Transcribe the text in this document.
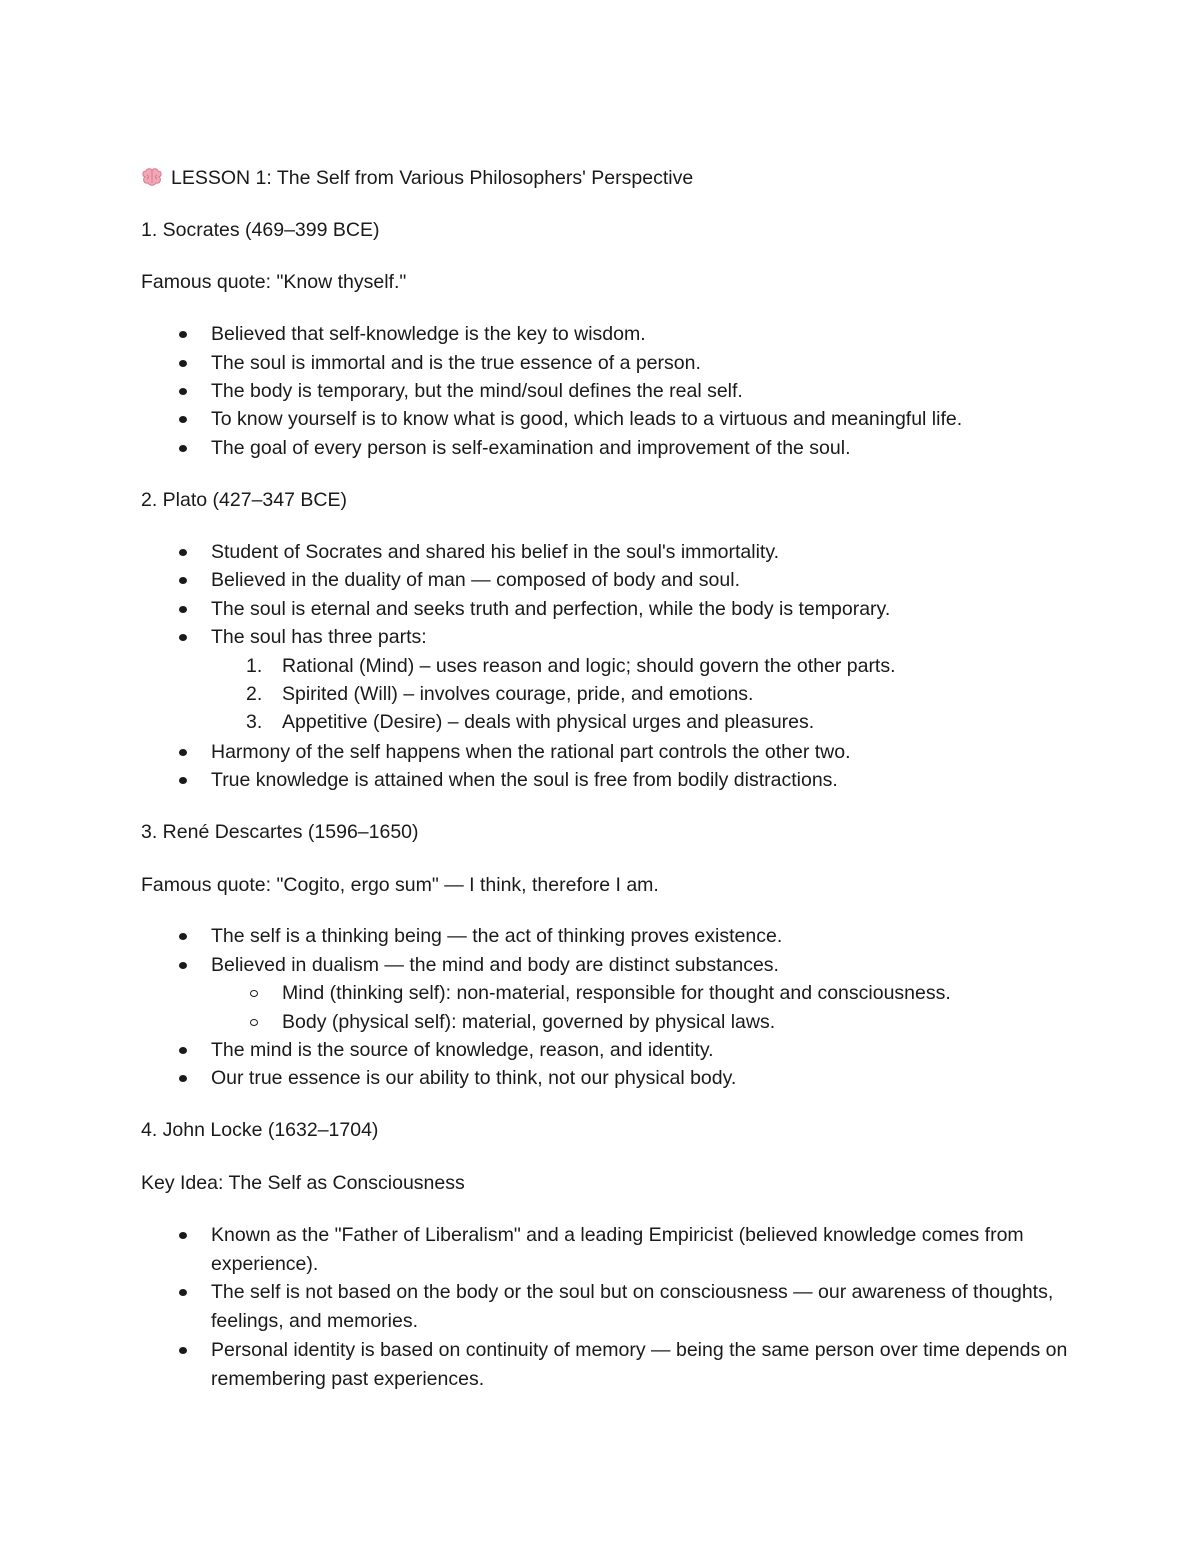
LESSON 1: The Self from Various Philosophers' Perspective
1. Socrates (469–399 BCE)
Famous quote: "Know thyself."
Believed that self-knowledge is the key to wisdom.
The soul is immortal and is the true essence of a person.
The body is temporary, but the mind/soul defines the real self.
To know yourself is to know what is good, which leads to a virtuous and meaningful life.
The goal of every person is self-examination and improvement of the soul.
2. Plato (427–347 BCE)
Student of Socrates and shared his belief in the soul's immortality.
Believed in the duality of man — composed of body and soul.
The soul is eternal and seeks truth and perfection, while the body is temporary.
The soul has three parts:
1.	Rational (Mind) – uses reason and logic; should govern the other parts.
2.	Spirited (Will) – involves courage, pride, and emotions.
3.	Appetitive (Desire) – deals with physical urges and pleasures.
Harmony of the self happens when the rational part controls the other two.
True knowledge is attained when the soul is free from bodily distractions.
3. René Descartes (1596–1650)
Famous quote: "Cogito, ergo sum" — I think, therefore I am.
The self is a thinking being — the act of thinking proves existence.
Believed in dualism — the mind and body are distinct substances.
Mind (thinking self): non-material, responsible for thought and consciousness.
Body (physical self): material, governed by physical laws.
The mind is the source of knowledge, reason, and identity.
Our true essence is our ability to think, not our physical body.
4. John Locke (1632–1704)
Key Idea: The Self as Consciousness
Known as the "Father of Liberalism" and a leading Empiricist (believed knowledge comes from experience).
The self is not based on the body or the soul but on consciousness — our awareness of thoughts, feelings, and memories.
Personal identity is based on continuity of memory — being the same person over time depends on remembering past experiences.
